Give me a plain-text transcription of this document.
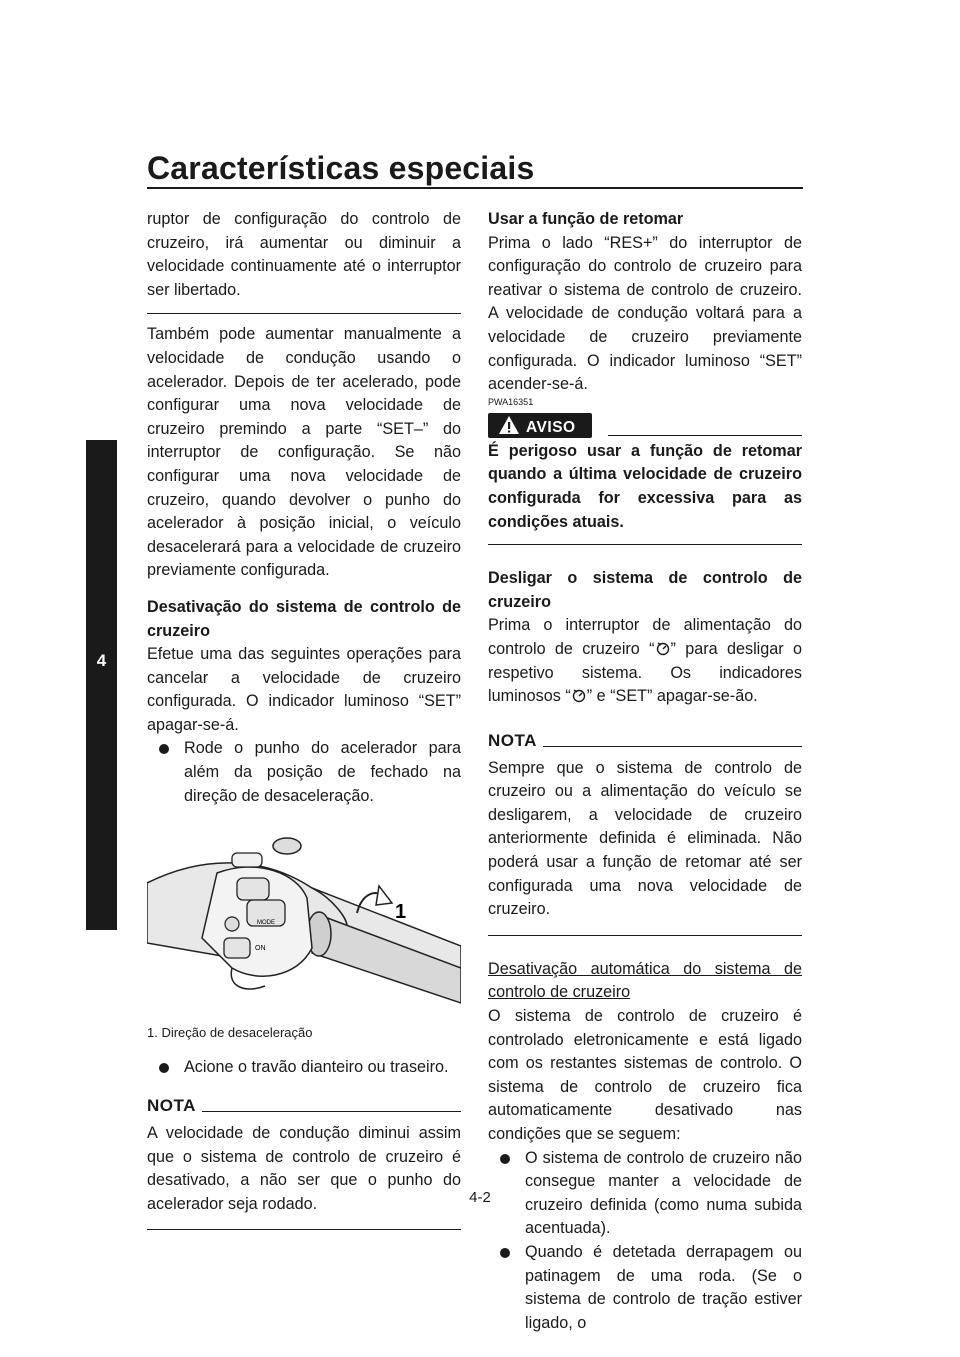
Características especiais
4

ruptor de configuração do controlo de cruzeiro, irá aumentar ou diminuir a velocidade continuamente até o interruptor ser libertado.

Também pode aumentar manualmente a velocidade de condução usando o acelerador. Depois de ter acelerado, pode configurar uma nova velocidade de cruzeiro premindo a parte “SET–” do interruptor de configuração. Se não configurar uma nova velocidade de cruzeiro, quando devolver o punho do acelerador à posição inicial, o veículo desacelerará para a velocidade de cruzeiro previamente configurada.

Desativação do sistema de controlo de cruzeiro

Efetue uma das seguintes operações para cancelar a velocidade de cruzeiro configurada. O indicador luminoso “SET” apagar-se-á.

Rode o punho do acelerador para além da posição de fechado na direção de desaceleração.

MODE
ON
1

1. Direção de desaceleração

Acione o travão dianteiro ou traseiro.

NOTA

A velocidade de condução diminui assim que o sistema de controlo de cruzeiro é desativado, a não ser que o punho do acelerador seja rodado.

Usar a função de retomar

Prima o lado “RES+” do interruptor de configuração do controlo de cruzeiro para reativar o sistema de controlo de cruzeiro. A velocidade de condução voltará para a velocidade de cruzeiro previamente configurada. O indicador luminoso “SET” acender-se-á.

PWA16351

AVISO

É perigoso usar a função de retomar quando a última velocidade de cruzeiro configurada for excessiva para as condições atuais.

Desligar o sistema de controlo de cruzeiro

Prima o interruptor de alimentação do controlo de cruzeiro “ ” para desligar o respetivo sistema. Os indicadores luminosos “ ” e “SET” apagar-se-ão.

NOTA

Sempre que o sistema de controlo de cruzeiro ou a alimentação do veículo se desligarem, a velocidade de cruzeiro anteriormente definida é eliminada. Não poderá usar a função de retomar até ser configurada uma nova velocidade de cruzeiro.

Desativação automática do sistema de controlo de cruzeiro

O sistema de controlo de cruzeiro é controlado eletronicamente e está ligado com os restantes sistemas de controlo. O sistema de controlo de cruzeiro fica automaticamente desativado nas condições que se seguem:

O sistema de controlo de cruzeiro não consegue manter a velocidade de cruzeiro definida (como numa subida acentuada).

Quando é detetada derrapagem ou patinagem de uma roda. (Se o sistema de controlo de tração estiver ligado, o

4-2
